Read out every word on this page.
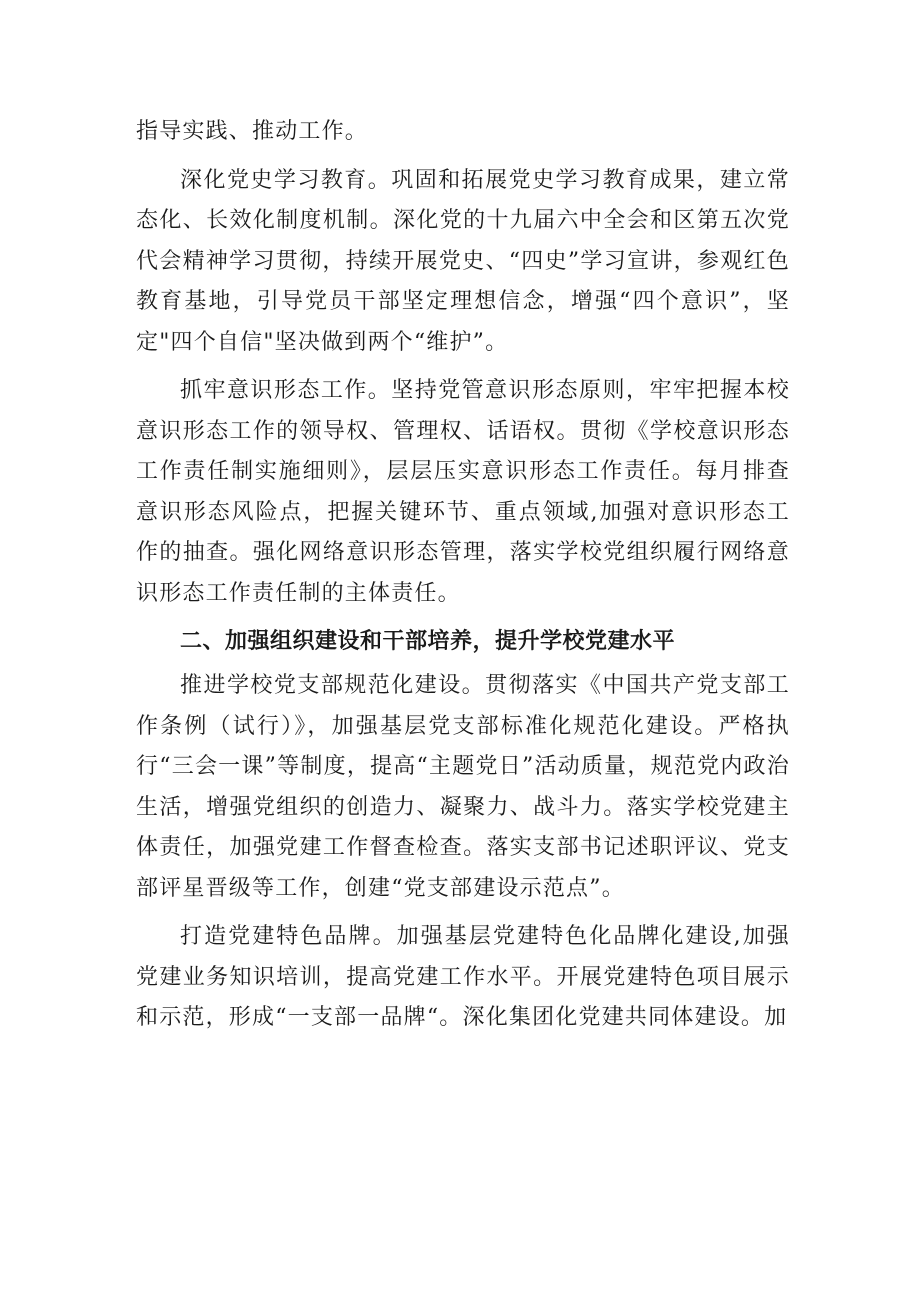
指导实践、推动工作。

深化党史学习教育。巩固和拓展党史学习教育成果，建立常态化、长效化制度机制。深化党的十九届六中全会和区第五次党代会精神学习贯彻，持续开展党史、“四史”学习宣讲，参观红色教育基地，引导党员干部坚定理想信念，增强“四个意识”，坚定"四个自信"坚决做到两个“维护”。

抓牢意识形态工作。坚持党管意识形态原则，牢牢把握本校意识形态工作的领导权、管理权、话语权。贯彻《学校意识形态工作责任制实施细则》，层层压实意识形态工作责任。每月排查意识形态风险点，把握关键环节、重点领域,加强对意识形态工作的抽查。强化网络意识形态管理，落实学校党组织履行网络意识形态工作责任制的主体责任。

二、加强组织建设和干部培养，提升学校党建水平

推进学校党支部规范化建设。贯彻落实《中国共产党支部工作条例（试行）》，加强基层党支部标准化规范化建设。严格执行“三会一课”等制度，提高“主题党日”活动质量，规范党内政治生活，增强党组织的创造力、凝聚力、战斗力。落实学校党建主体责任，加强党建工作督查检查。落实支部书记述职评议、党支部评星晋级等工作，创建“党支部建设示范点”。

打造党建特色品牌。加强基层党建特色化品牌化建设,加强党建业务知识培训，提高党建工作水平。开展党建特色项目展示和示范，形成“一支部一品牌“。深化集团化党建共同体建设。加
